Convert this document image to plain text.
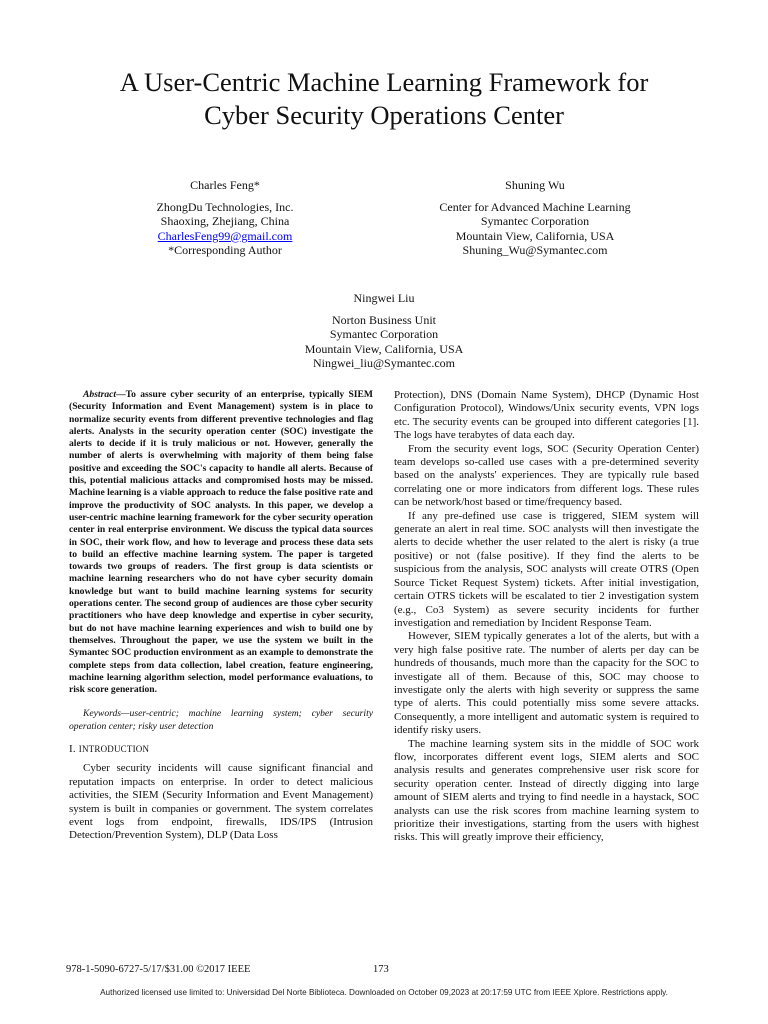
A User-Centric Machine Learning Framework for
Cyber Security Operations Center
Charles Feng*
ZhongDu Technologies, Inc.
Shaoxing, Zhejiang, China
CharlesFeng99@gmail.com
*Corresponding Author
Shuning Wu
Center for Advanced Machine Learning
Symantec Corporation
Mountain View, California, USA
Shuning_Wu@Symantec.com
Ningwei Liu
Norton Business Unit
Symantec Corporation
Mountain View, California, USA
Ningwei_liu@Symantec.com

Abstract—To assure cyber security of an enterprise, typically SIEM (Security Information and Event Management) system is in place to normalize security events from different preventive technologies and flag alerts. Analysts in the security operation center (SOC) investigate the alerts to decide if it is truly malicious or not. However, generally the number of alerts is overwhelming with majority of them being false positive and exceeding the SOC's capacity to handle all alerts. Because of this, potential malicious attacks and compromised hosts may be missed. Machine learning is a viable approach to reduce the false positive rate and improve the productivity of SOC analysts. In this paper, we develop a user-centric machine learning framework for the cyber security operation center in real enterprise environment. We discuss the typical data sources in SOC, their work flow, and how to leverage and process these data sets to build an effective machine learning system. The paper is targeted towards two groups of readers. The first group is data scientists or machine learning researchers who do not have cyber security domain knowledge but want to build machine learning systems for security operations center. The second group of audiences are those cyber security practitioners who have deep knowledge and expertise in cyber security, but do not have machine learning experiences and wish to build one by themselves. Throughout the paper, we use the system we built in the Symantec SOC production environment as an example to demonstrate the complete steps from data collection, label creation, feature engineering, machine learning algorithm selection, model performance evaluations, to risk score generation.

Keywords—user-centric; machine learning system; cyber security operation center; risky user detection

I. INTRODUCTION

Cyber security incidents will cause significant financial and reputation impacts on enterprise. In order to detect malicious activities, the SIEM (Security Information and Event Management) system is built in companies or government. The system correlates event logs from endpoint, firewalls, IDS/IPS (Intrusion Detection/Prevention System), DLP (Data Loss

Protection), DNS (Domain Name System), DHCP (Dynamic Host Configuration Protocol), Windows/Unix security events, VPN logs etc. The security events can be grouped into different categories [1]. The logs have terabytes of data each day.

From the security event logs, SOC (Security Operation Center) team develops so-called use cases with a pre-determined severity based on the analysts' experiences. They are typically rule based correlating one or more indicators from different logs. These rules can be network/host based or time/frequency based.

If any pre-defined use case is triggered, SIEM system will generate an alert in real time. SOC analysts will then investigate the alerts to decide whether the user related to the alert is risky (a true positive) or not (false positive). If they find the alerts to be suspicious from the analysis, SOC analysts will create OTRS (Open Source Ticket Request System) tickets. After initial investigation, certain OTRS tickets will be escalated to tier 2 investigation system (e.g., Co3 System) as severe security incidents for further investigation and remediation by Incident Response Team.

However, SIEM typically generates a lot of the alerts, but with a very high false positive rate. The number of alerts per day can be hundreds of thousands, much more than the capacity for the SOC to investigate all of them. Because of this, SOC may choose to investigate only the alerts with high severity or suppress the same type of alerts. This could potentially miss some severe attacks. Consequently, a more intelligent and automatic system is required to identify risky users.

The machine learning system sits in the middle of SOC work flow, incorporates different event logs, SIEM alerts and SOC analysis results and generates comprehensive user risk score for security operation center. Instead of directly digging into large amount of SIEM alerts and trying to find needle in a haystack, SOC analysts can use the risk scores from machine learning system to prioritize their investigations, starting from the users with highest risks. This will greatly improve their efficiency,

978-1-5090-6727-5/17/$31.00 ©2017 IEEE	173
Authorized licensed use limited to: Universidad Del Norte Biblioteca. Downloaded on October 09,2023 at 20:17:59 UTC from IEEE Xplore. Restrictions apply.
